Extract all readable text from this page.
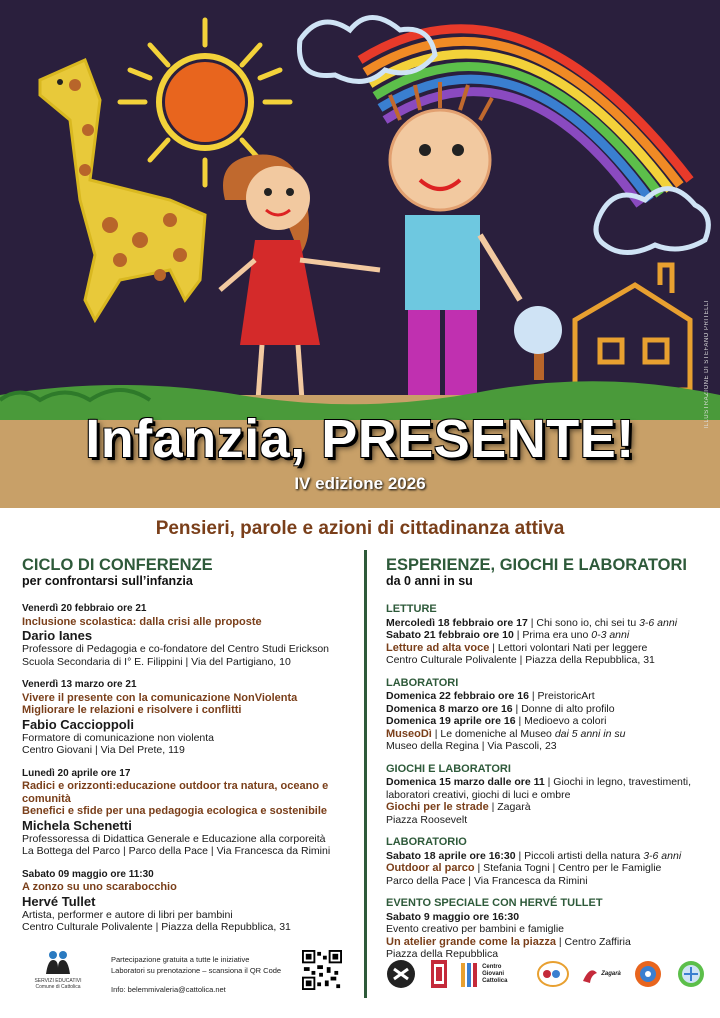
Infanzia, PRESENTE!
IV edizione 2026
ILLUSTRAZIONE DI STEFANO PRITELLI
Pensieri, parole e azioni di cittadinanza attiva
CICLO DI CONFERENZE
per confrontarsi sull’infanzia
Venerdì 20 febbraio ore 21
Inclusione scolastica: dalla crisi alle proposte
Dario Ianes
Professore di Pedagogia e co-fondatore del Centro Studi Erickson
Scuola Secondaria di I° E. Filippini | Via del Partigiano, 10
Venerdì 13 marzo ore 21
Vivere il presente con la comunicazione NonViolenta
Migliorare le relazioni e risolvere i conflitti
Fabio Caccioppoli
Formatore di comunicazione non violenta
Centro Giovani | Via Del Prete, 119
Lunedì 20 aprile ore 17
Radici e orizzonti:educazione outdoor tra natura, oceano e comunità
Benefici e sfide per una pedagogia ecologica e sostenibile
Michela Schenetti
Professoressa di Didattica Generale e Educazione alla corporeità
La Bottega del Parco | Parco della Pace | Via Francesca da Rimini
Sabato 09 maggio ore 11:30
A zonzo su uno scarabocchio
Hervé Tullet
Artista, performer e autore di libri per bambini
Centro Culturale Polivalente | Piazza della Repubblica, 31
ESPERIENZE, GIOCHI E LABORATORI
da 0 anni in su
LETTURE
Mercoledì 18 febbraio ore 17 | Chi sono io, chi sei tu 3-6 anni
Sabato 21 febbraio ore 10 | Prima era uno 0-3 anni
Letture ad alta voce | Lettori volontari Nati per leggere
Centro Culturale Polivalente | Piazza della Repubblica, 31
LABORATORI
Domenica 22 febbraio ore 16 | PreistoricArt
Domenica 8 marzo ore 16 | Donne di alto profilo
Domenica 19 aprile ore 16 | Medioevo a colori
MuseoDì | Le domeniche al Museo dai 5 anni in su
Museo della Regina | Via Pascoli, 23
GIOCHI E LABORATORI
Domenica 15 marzo dalle ore 11 | Giochi in legno, travestimenti,
laboratori creativi, giochi di luci e ombre
Giochi per le strade | Zagarà
Piazza Roosevelt
LABORATORIO
Sabato 18 aprile ore 16:30 | Piccoli artisti della natura 3-6 anni
Outdoor al parco | Stefania Togni | Centro per le Famiglie
Parco della Pace | Via Francesca da Rimini
EVENTO SPECIALE CON HERVÉ TULLET
Sabato 9 maggio ore 16:30
Evento creativo per bambini e famiglie
Un atelier grande come la piazza | Centro Zaffiria
Piazza della Repubblica
SERVIZI EDUCATIVI
Comune di Cattolica
Partecipazione gratuita a tutte le iniziative
Laboratori su prenotazione – scansiona il QR Code
Info: belemmivaleria@cattolica.net
Centro Giovani Cattolica
Zagarà
